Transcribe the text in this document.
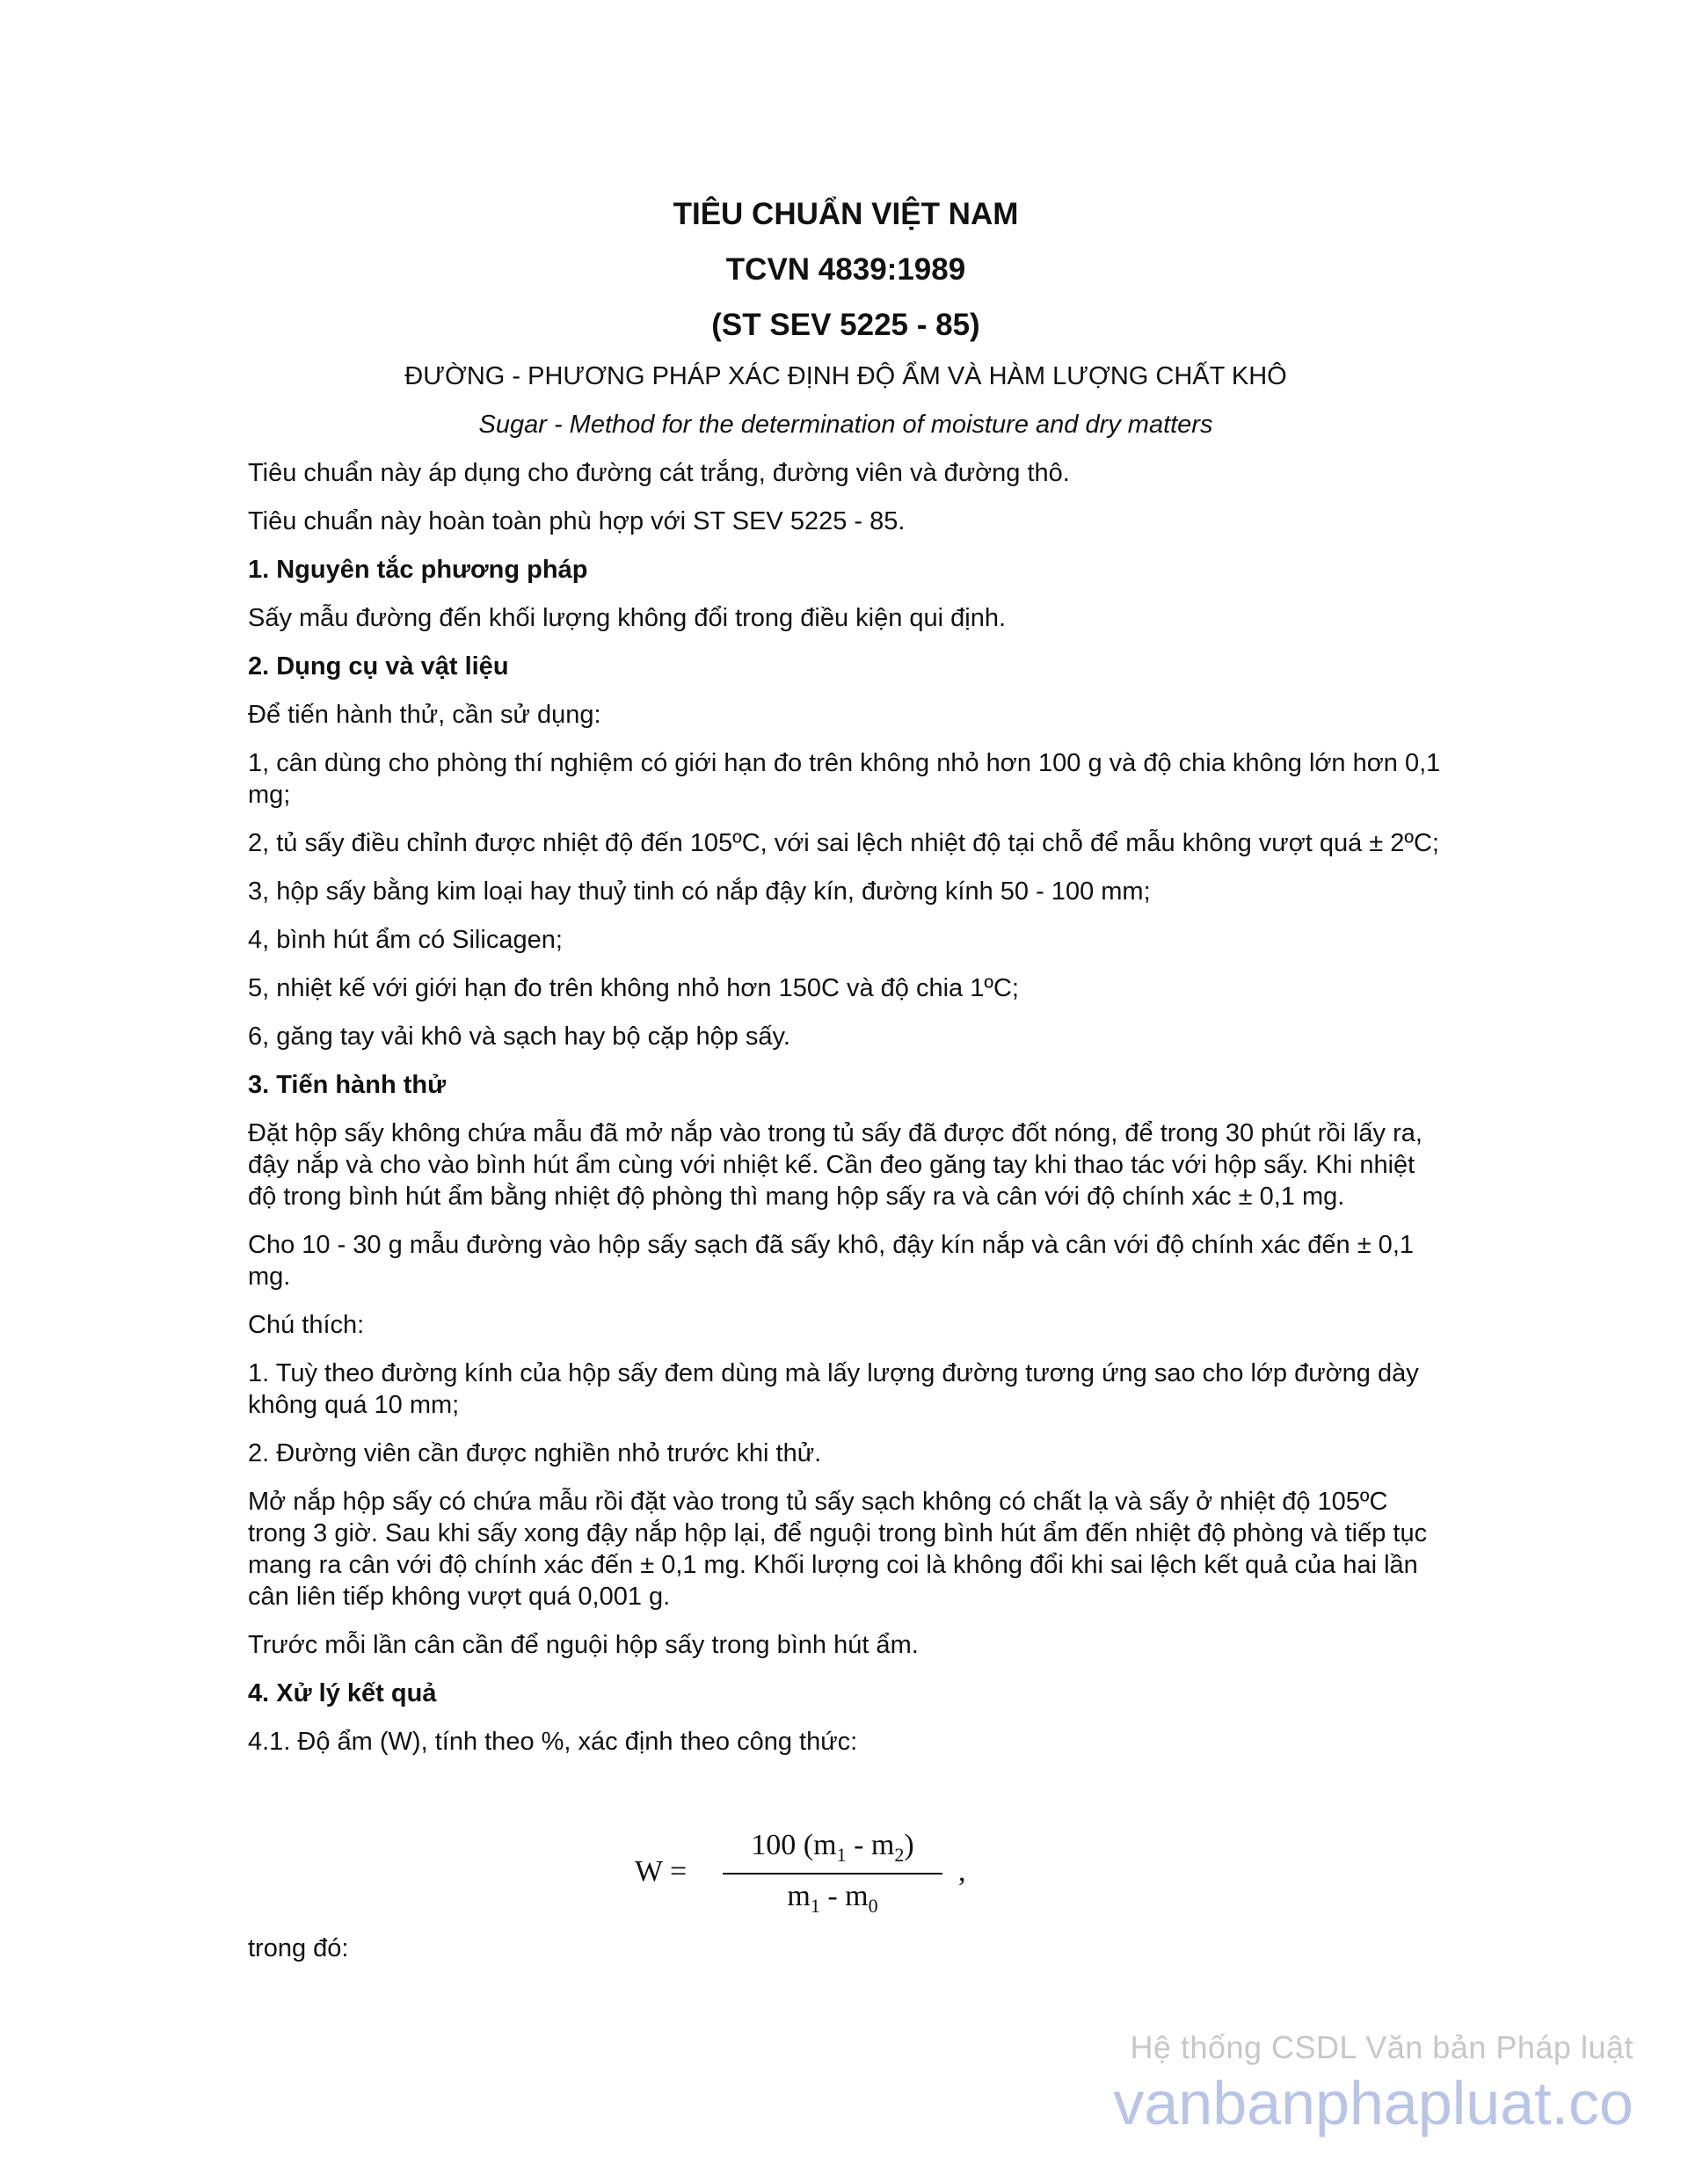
TIÊU CHUẨN VIỆT NAM
TCVN 4839:1989
(ST SEV 5225 - 85)
ĐƯỜNG - PHƯƠNG PHÁP XÁC ĐỊNH ĐỘ ẨM VÀ HÀM LƯỢNG CHẤT KHÔ
Sugar - Method for the determination of moisture and dry matters

Tiêu chuẩn này áp dụng cho đường cát trắng, đường viên và đường thô.

Tiêu chuẩn này hoàn toàn phù hợp với ST SEV 5225 - 85.

1. Nguyên tắc phương pháp

Sấy mẫu đường đến khối lượng không đổi trong điều kiện qui định.

2. Dụng cụ và vật liệu

Để tiến hành thử, cần sử dụng:

1, cân dùng cho phòng thí nghiệm có giới hạn đo trên không nhỏ hơn 100 g và độ chia không lớn hơn 0,1 mg;

2, tủ sấy điều chỉnh được nhiệt độ đến 105ºC, với sai lệch nhiệt độ tại chỗ để mẫu không vượt quá ± 2ºC;

3, hộp sấy bằng kim loại hay thuỷ tinh có nắp đậy kín, đường kính 50 - 100 mm;

4, bình hút ẩm có Silicagen;

5, nhiệt kế với giới hạn đo trên không nhỏ hơn 150C và độ chia 1ºC;

6, găng tay vải khô và sạch hay bộ cặp hộp sấy.

3. Tiến hành thử

Đặt hộp sấy không chứa mẫu đã mở nắp vào trong tủ sấy đã được đốt nóng, để trong 30 phút rồi lấy ra, đậy nắp và cho vào bình hút ẩm cùng với nhiệt kế. Cần đeo găng tay khi thao tác với hộp sấy. Khi nhiệt độ trong bình hút ẩm bằng nhiệt độ phòng thì mang hộp sấy ra và cân với độ chính xác ± 0,1 mg.

Cho 10 - 30 g mẫu đường vào hộp sấy sạch đã sấy khô, đậy kín nắp và cân với độ chính xác đến ± 0,1 mg.

Chú thích:

1. Tuỳ theo đường kính của hộp sấy đem dùng mà lấy lượng đường tương ứng sao cho lớp đường dày không quá 10 mm;

2. Đường viên cần được nghiền nhỏ trước khi thử.

Mở nắp hộp sấy có chứa mẫu rồi đặt vào trong tủ sấy sạch không có chất lạ và sấy ở nhiệt độ 105ºC trong 3 giờ. Sau khi sấy xong đậy nắp hộp lại, để nguội trong bình hút ẩm đến nhiệt độ phòng và tiếp tục mang ra cân với độ chính xác đến ± 0,1 mg. Khối lượng coi là không đổi khi sai lệch kết quả của hai lần cân liên tiếp không vượt quá 0,001 g.

Trước mỗi lần cân cần để nguội hộp sấy trong bình hút ẩm.

4. Xử lý kết quả

4.1. Độ ẩm (W), tính theo %, xác định theo công thức:

W =
100 $(m_1 - m_2)$
$m_1 - m_0$
,
trong đó:
Hệ thống CSDL Văn bản Pháp luật
vanbanphapluat.co
